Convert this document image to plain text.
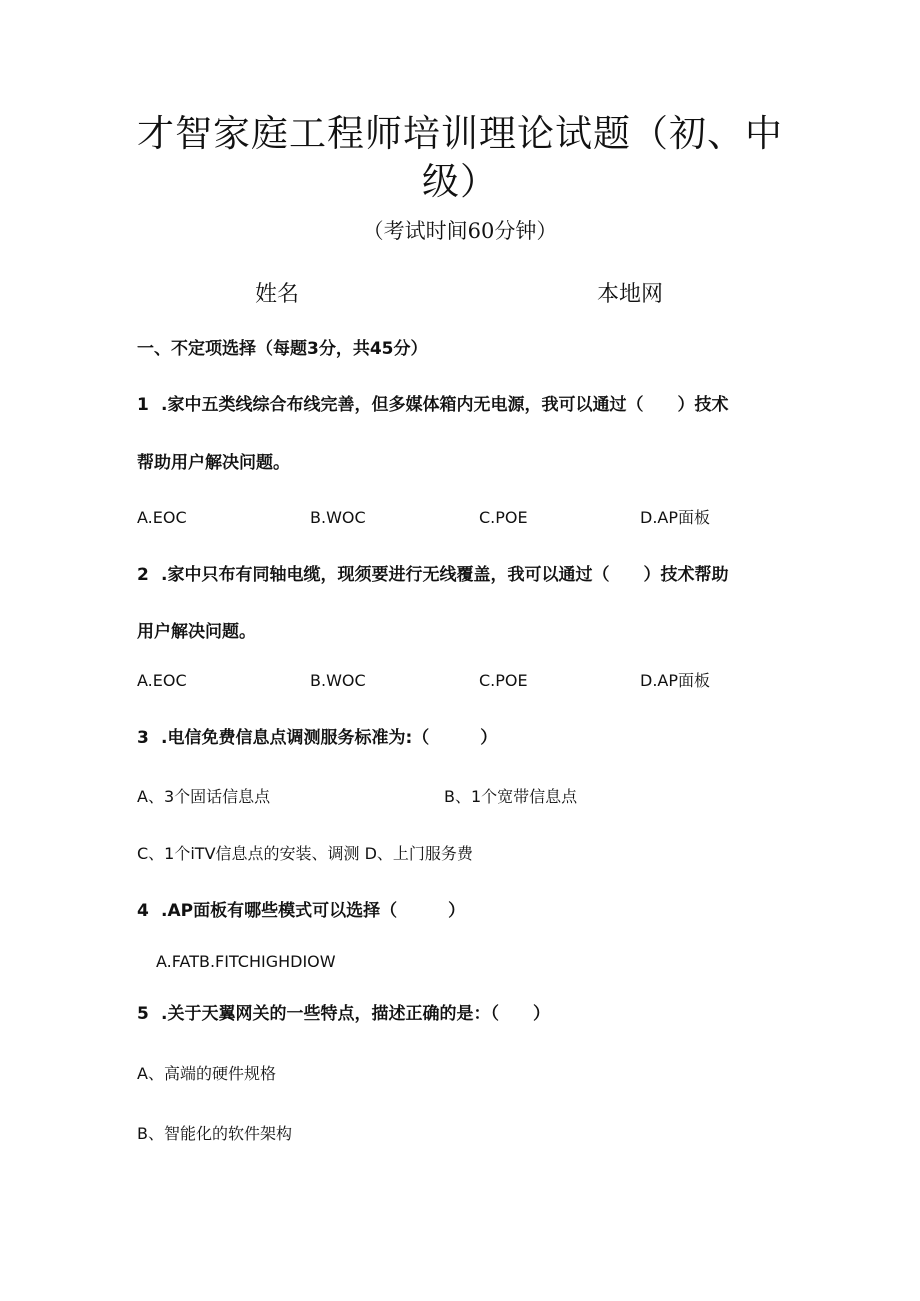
才智家庭工程师培训理论试题（初、中级）
（考试时间60分钟）
姓名	本地网
一、不定项选择（每题3分，共45分）
1 .家中五类线综合布线完善，但多媒体箱内无电源，我可以通过（　　）技术
帮助用户解决问题。
A.EOC	B.WOC	C.POE	D.AP面板
2 .家中只布有同轴电缆，现须要进行无线覆盖，我可以通过（　　）技术帮助
用户解决问题。
A.EOC	B.WOC	C.POE	D.AP面板
3 .电信免费信息点调测服务标准为:（　　　）
A、3个固话信息点	B、1个宽带信息点
C、1个iTV信息点的安装、调测 D、上门服务费
4 .AP面板有哪些模式可以选择（　　　）
A.FATB.FITCHIGHDIOW
5 .关于天翼网关的一些特点，描述正确的是：（　　）
A、高端的硬件规格
B、智能化的软件架构
